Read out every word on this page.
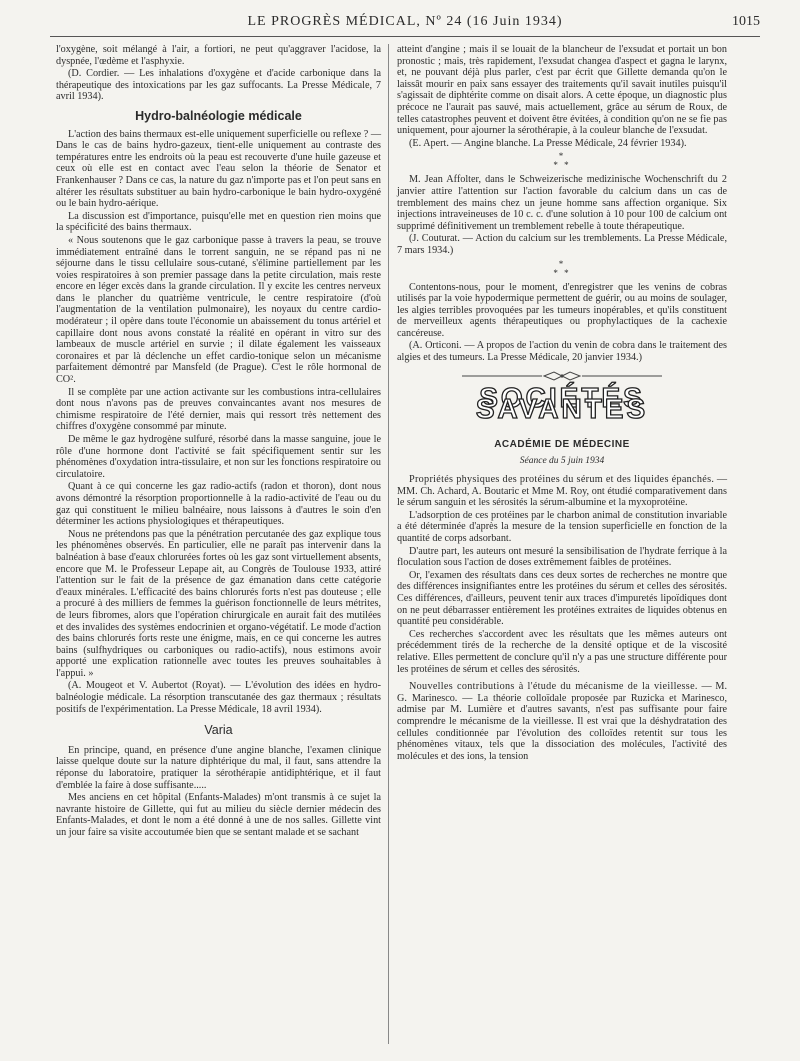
LE PROGRÈS MÉDICAL, Nº 24 (16 Juin 1934)	1015

l'oxygène, soit mélangé à l'air, a fortiori, ne peut qu'aggraver l'acidose, la dyspnée, l'œdème et l'asphyxie.

(D. Cordier. — Les inhalations d'oxygène et d'acide carbonique dans la thérapeutique des intoxications par les gaz suffocants. La Presse Médicale, 7 avril 1934).

Hydro-balnéologie médicale

L'action des bains thermaux est-elle uniquement superficielle ou reflexe ? — Dans le cas de bains hydro-gazeux, tient-elle uniquement au contraste des températures entre les endroits où la peau est recouverte d'une huile gazeuse et ceux où elle est en contact avec l'eau selon la théorie de Senator et Frankenhauser ? Dans ce cas, la nature du gaz n'importe pas et l'on peut sans en altérer les résultats substituer au bain hydro-carbonique le bain hydro-oxygéné ou le bain hydro-aérique.

La discussion est d'importance, puisqu'elle met en question rien moins que la spécificité des bains thermaux.

« Nous soutenons que le gaz carbonique passe à travers la peau, se trouve immédiatement entraîné dans le torrent sanguin, ne se répand pas ni ne séjourne dans le tissu cellulaire sous-cutané, s'élimine partiellement par les voies respiratoires à son premier passage dans la petite circulation, mais reste encore en léger excès dans la grande circulation. Il y excite les centres nerveux dans le plancher du quatrième ventricule, le centre respiratoire (d'où l'augmentation de la ventilation pulmonaire), les noyaux du centre cardio-modérateur ; il opère dans toute l'économie un abaissement du tonus artériel et capillaire dont nous avons constaté la réalité en opérant in vitro sur des lambeaux de muscle artériel en survie ; il dilate également les vaisseaux coronaires et par là déclenche un effet cardio-tonique selon un mécanisme parfaitement démontré par Mansfeld (de Prague). C'est le rôle hormonal de CO².

Il se complète par une action activante sur les combustions intra-cellulaires dont nous n'avons pas de preuves convaincantes avant nos mesures de chimisme respiratoire de l'été dernier, mais qui ressort très nettement des chiffres d'oxygène consommé par minute.

De même le gaz hydrogène sulfuré, résorbé dans la masse sanguine, joue le rôle d'une hormone dont l'activité se fait spécifiquement sentir sur les phénomènes d'oxydation intra-tissulaire, et non sur les fonctions respiratoire ou circulatoire.

Quant à ce qui concerne les gaz radio-actifs (radon et thoron), dont nous avons démontré la résorption proportionnelle à la radio-activité de l'eau ou du gaz qui constituent le milieu balnéaire, nous laissons à d'autres le soin d'en déterminer les actions physiologiques et thérapeutiques.

Nous ne prétendons pas que la pénétration percutanée des gaz explique tous les phénomènes observés. En particulier, elle ne paraît pas intervenir dans la balnéation à base d'eaux chlorurées fortes où les gaz sont virtuellement absents, encore que M. le Professeur Lepape ait, au Congrès de Toulouse 1933, attiré l'attention sur le fait de la présence de gaz émanation dans cette catégorie d'eaux minérales. L'efficacité des bains chlorurés forts n'est pas douteuse ; elle a procuré à des milliers de femmes la guérison fonctionnelle de leurs métrites, de leurs fibromes, alors que l'opération chirurgicale en aurait fait des mutilées et des invalides des systèmes endocrinien et organo-végétatif. Le mode d'action des bains chlorurés forts reste une énigme, mais, en ce qui concerne les autres bains (sulfhydriques ou carboniques ou radio-actifs), nous estimons avoir apporté une explication rationnelle avec toutes les preuves souhaitables à l'appui. »

(A. Mougeot et V. Aubertot (Royat). — L'évolution des idées en hydro-balnéologie médicale. La résorption transcutanée des gaz thermaux ; résultats positifs de l'expérimentation. La Presse Médicale, 18 avril 1934).

Varia

En principe, quand, en présence d'une angine blanche, l'examen clinique laisse quelque doute sur la nature diphtérique du mal, il faut, sans attendre la réponse du laboratoire, pratiquer la sérothérapie antidiphtérique, et il faut d'emblée la faire à dose suffisante.....

Mes anciens en cet hôpital (Enfants-Malades) m'ont transmis à ce sujet la navrante histoire de Gillette, qui fut au milieu du siècle dernier médecin des Enfants-Malades, et dont le nom a été donné à une de nos salles. Gillette vint un jour faire sa visite accoutumée bien que se sentant malade et se sachant

atteint d'angine ; mais il se louait de la blancheur de l'exsudat et portait un bon pronostic ; mais, très rapidement, l'exsudat changea d'aspect et gagna le larynx, et, ne pouvant déjà plus parler, c'est par écrit que Gillette demanda qu'on le laissât mourir en paix sans essayer des traitements qu'il savait inutiles puisqu'il s'agissait de diphtérite comme on disait alors. A cette époque, un diagnostic plus précoce ne l'aurait pas sauvé, mais actuellement, grâce au sérum de Roux, de telles catastrophes peuvent et doivent être évitées, à condition qu'on ne se fie pas uniquement, pour ajourner la sérothérapie, à la couleur blanche de l'exsudat.

(E. Apert. — Angine blanche. La Presse Médicale, 24 février 1934).

*
* *

M. Jean Affolter, dans le Schweizerische medizinische Wochenschrift du 2 janvier attire l'attention sur l'action favorable du calcium dans un cas de tremblement des mains chez un jeune homme sans affection organique. Six injections intraveineuses de 10 c. c. d'une solution à 10 pour 100 de calcium ont supprimé définitivement un tremblement rebelle à toute thérapeutique.

(J. Couturat. — Action du calcium sur les tremblements. La Presse Médicale, 7 mars 1934.)

*
* *

Contentons-nous, pour le moment, d'enregistrer que les venins de cobras utilisés par la voie hypodermique permettent de guérir, ou au moins de soulager, les algies terribles provoquées par les tumeurs inopérables, et qu'ils constituent de merveilleux agents thérapeutiques ou prophylactiques de la cachexie cancéreuse.

(A. Orticoni. — A propos de l'action du venin de cobra dans le traitement des algies et des tumeurs. La Presse Médicale, 20 janvier 1934.)

SOCIÉTÉS SAVANTES
ACADÉMIE DE MÉDECINE
Séance du 5 juin 1934

Propriétés physiques des protéines du sérum et des liquides épanchés. — MM. Ch. Achard, A. Boutaric et Mme M. Roy, ont étudié comparativement dans le sérum sanguin et les sérosités la sérum-albumine et la myxoprotéine.

L'adsorption de ces protéines par le charbon animal de constitution invariable a été déterminée d'après la mesure de la tension superficielle en fonction de la quantité de corps adsorbant.

D'autre part, les auteurs ont mesuré la sensibilisation de l'hydrate ferrique à la floculation sous l'action de doses extrêmement faibles de protéines.

Or, l'examen des résultats dans ces deux sortes de recherches ne montre que des différences insignifiantes entre les protéines du sérum et celles des sérosités. Ces différences, d'ailleurs, peuvent tenir aux traces d'impuretés lipoïdiques dont on ne peut débarrasser entièrement les protéines extraites de liquides obtenus en quantité peu considérable.

Ces recherches s'accordent avec les résultats que les mêmes auteurs ont précédemment tirés de la recherche de la densité optique et de la viscosité relative. Elles permettent de conclure qu'il n'y a pas une structure différente pour les protéines de sérum et celles des sérosités.

Nouvelles contributions à l'étude du mécanisme de la vieillesse. — M. G. Marinesco. — La théorie colloïdale proposée par Ruzicka et Marinesco, admise par M. Lumière et d'autres savants, n'est pas suffisante pour faire comprendre le mécanisme de la vieillesse. Il est vrai que la déshydratation des cellules conditionnée par l'évolution des colloïdes retentit sur tous les phénomènes vitaux, tels que la dissociation des molécules, l'activité des molécules et des ions, la tension
